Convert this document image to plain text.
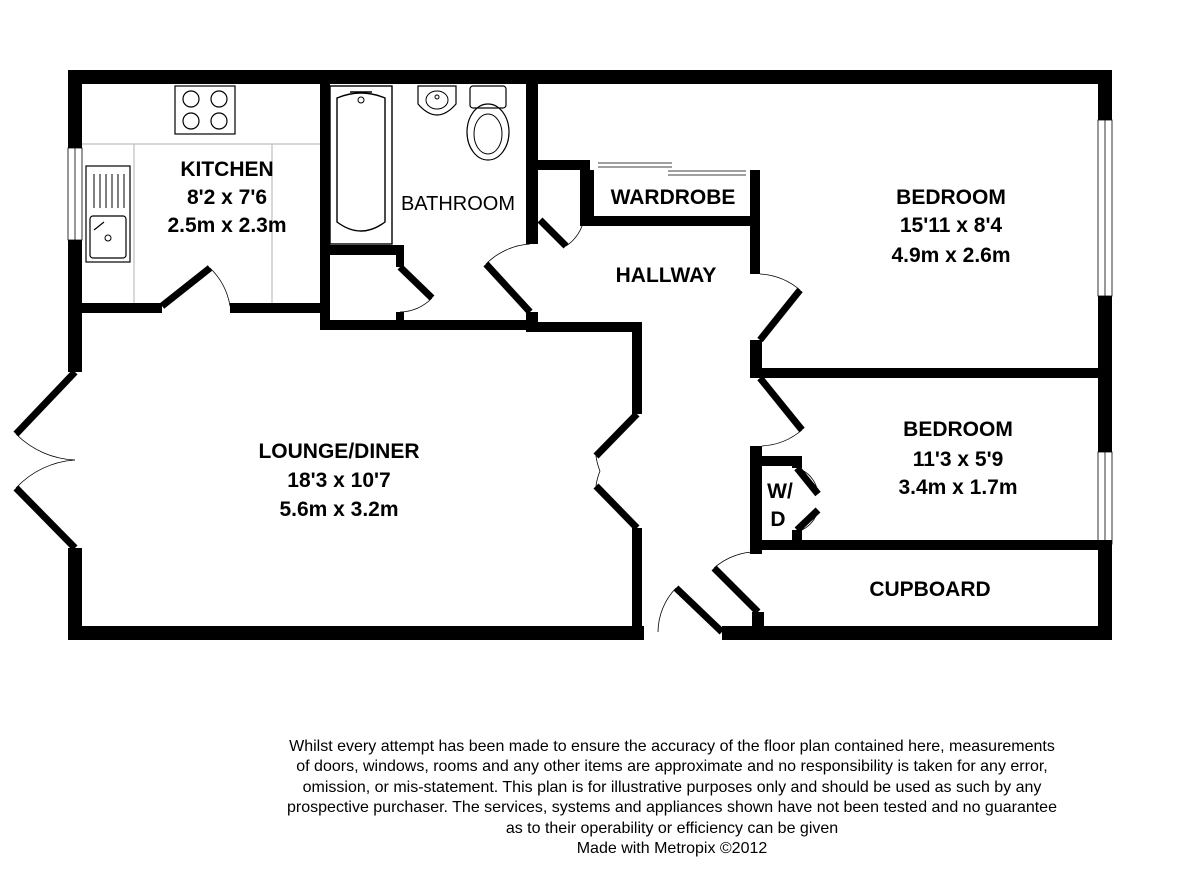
KITCHEN
8'2 x 7'6
2.5m x 2.3m
BATHROOM	WARDROBE
HALLWAY
BEDROOM
15'11 x 8'4
4.9m x 2.6m
BEDROOM
11'3 x 5'9
3.4m x 1.7m
W/
D
LOUNGE/DINER
18'3 x 10'7
5.6m x 3.2m
CUPBOARD
Whilst every attempt has been made to ensure the accuracy of the floor plan contained here, measurements
of doors, windows, rooms and any other items are approximate and no responsibility is taken for any error,
omission, or mis-statement. This plan is for illustrative purposes only and should be used as such by any
prospective purchaser. The services, systems and appliances shown have not been tested and no guarantee
as to their operability or efficiency can be given
Made with Metropix ©2012
